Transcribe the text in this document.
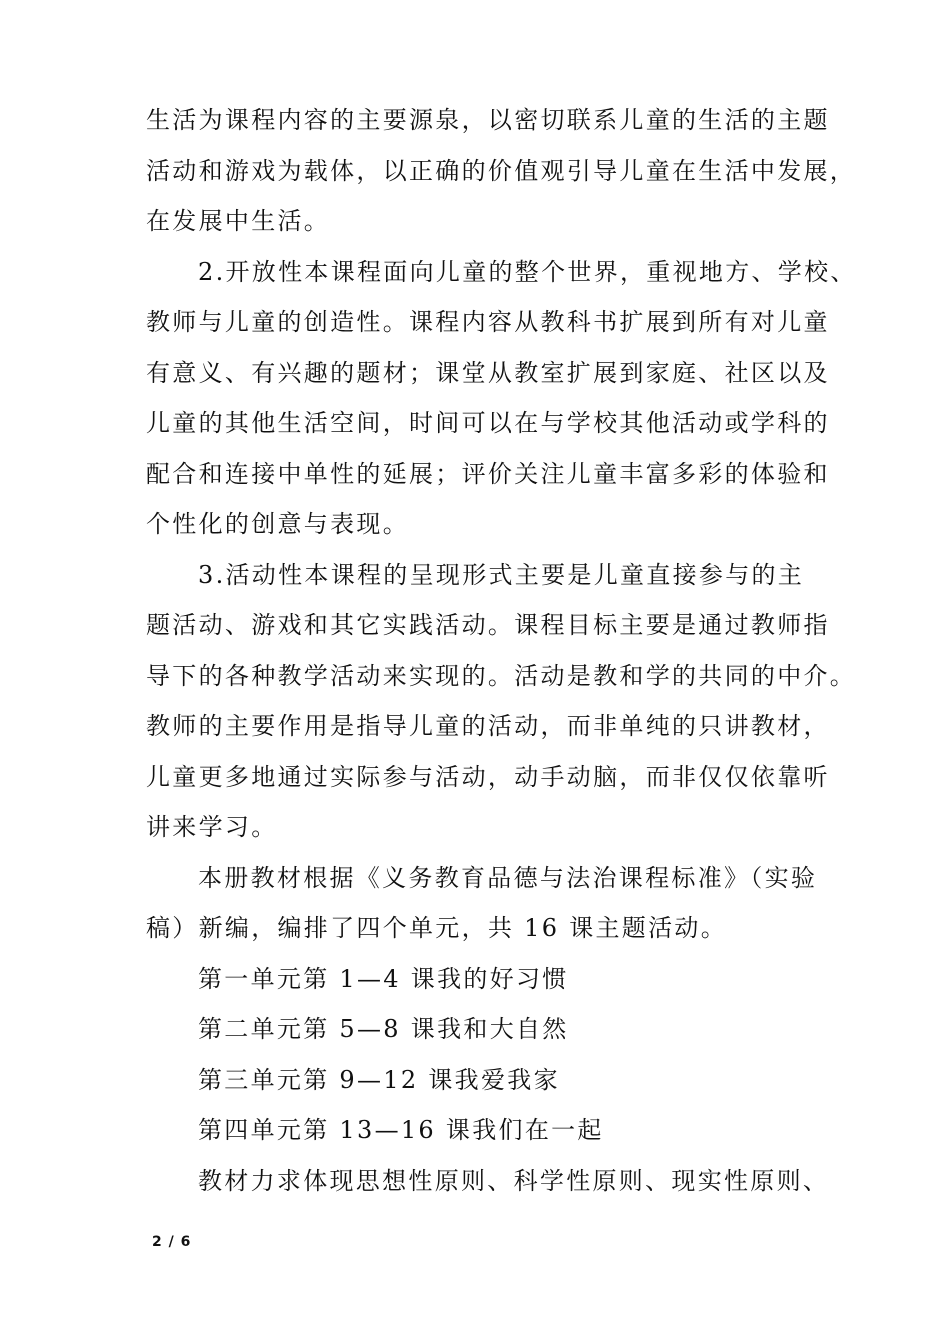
生活为课程内容的主要源泉，以密切联系儿童的生活的主题
活动和游戏为载体，以正确的价值观引导儿童在生活中发展，
在发展中生活。
2.开放性本课程面向儿童的整个世界，重视地方、学校、
教师与儿童的创造性。课程内容从教科书扩展到所有对儿童
有意义、有兴趣的题材；课堂从教室扩展到家庭、社区以及
儿童的其他生活空间，时间可以在与学校其他活动或学科的
配合和连接中单性的延展；评价关注儿童丰富多彩的体验和
个性化的创意与表现。
3.活动性本课程的呈现形式主要是儿童直接参与的主
题活动、游戏和其它实践活动。课程目标主要是通过教师指
导下的各种教学活动来实现的。活动是教和学的共同的中介。
教师的主要作用是指导儿童的活动，而非单纯的只讲教材，
儿童更多地通过实际参与活动，动手动脑，而非仅仅依靠听
讲来学习。
本册教材根据《义务教育品德与法治课程标准》（实验
稿）新编，编排了四个单元，共 16 课主题活动。
第一单元第 1—4 课我的好习惯
第二单元第 5—8 课我和大自然
第三单元第 9—12 课我爱我家
第四单元第 13—16 课我们在一起
教材力求体现思想性原则、科学性原则、现实性原则、
2 / 6
